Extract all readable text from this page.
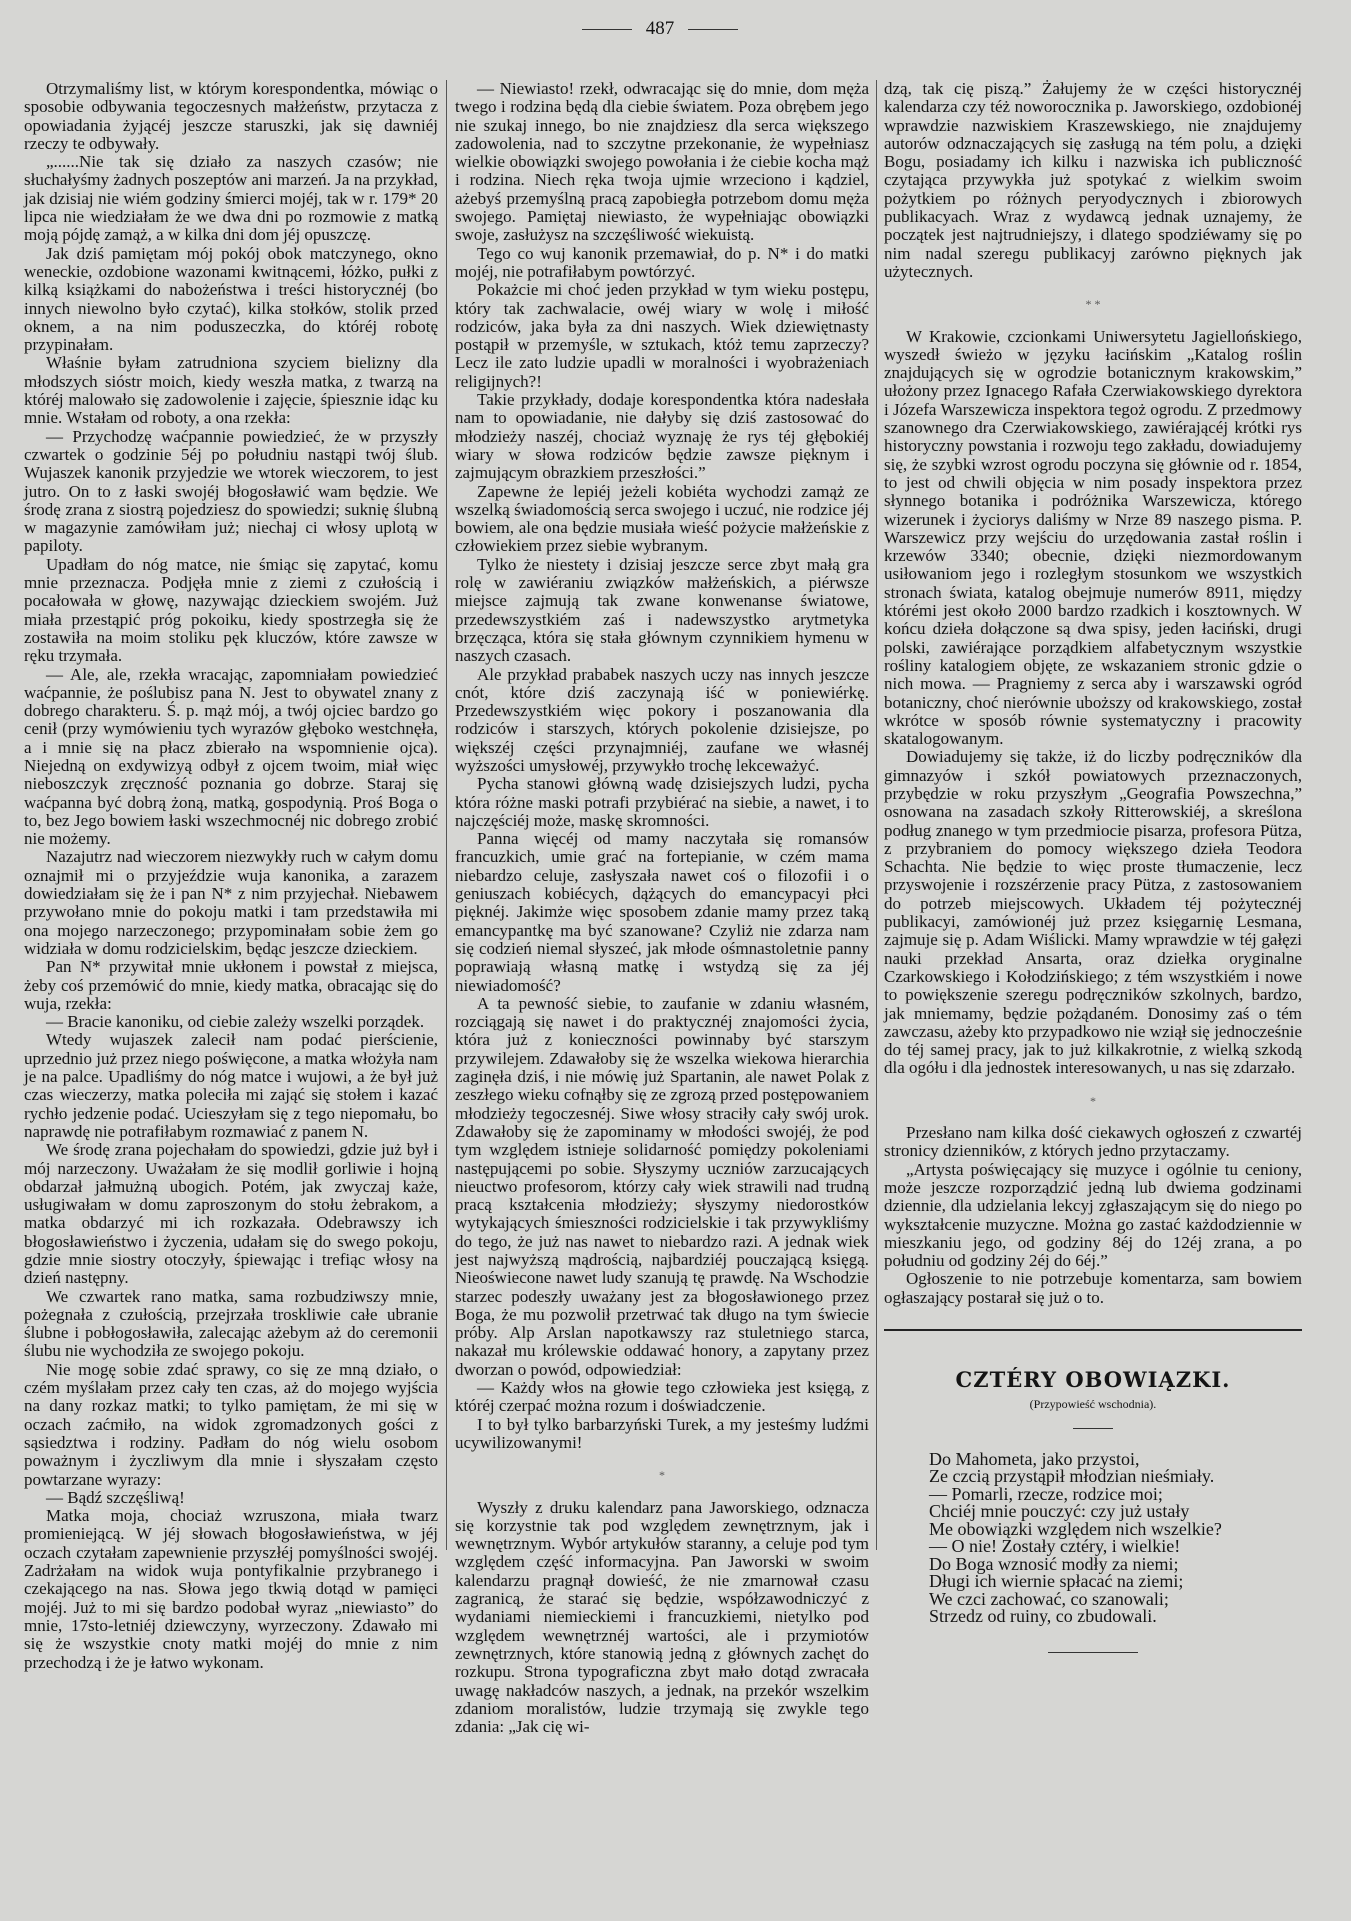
487

Otrzymaliśmy list, w którym korespondentka, mówiąc o sposobie odbywania tegoczesnych małżeństw, przytacza z opowiadania żyjącéj jeszcze staruszki, jak się dawniéj rzeczy te odbywały.

„......Nie tak się działo za naszych czasów; nie słuchałyśmy żadnych poszeptów ani marzeń. Ja na przykład, jak dzisiaj nie wiém godziny śmierci mojéj, tak w r. 179* 20 lipca nie wiedziałam że we dwa dni po rozmowie z matką moją pójdę zamąż, a w kilka dni dom jéj opuszczę.

Jak dziś pamiętam mój pokój obok matczynego, okno weneckie, ozdobione wazonami kwitnącemi, łóżko, pułki z kilką książkami do nabożeństwa i treści historycznéj (bo innych niewolno było czytać), kilka stołków, stolik przed oknem, a na nim poduszeczka, do któréj robotę przypinałam.

Właśnie byłam zatrudniona szyciem bielizny dla młodszych sióstr moich, kiedy weszła matka, z twarzą na któréj malowało się zadowolenie i zajęcie, śpiesznie idąc ku mnie. Wstałam od roboty, a ona rzekła:

— Przychodzę waćpannie powiedzieć, że w przyszły czwartek o godzinie 5éj po południu nastąpi twój ślub. Wujaszek kanonik przyjedzie we wtorek wieczorem, to jest jutro. On to z łaski swojéj błogosławić wam będzie. We środę zrana z siostrą pojedziesz do spowiedzi; suknię ślubną w magazynie zamówiłam już; niechaj ci włosy uplotą w papiloty.

Upadłam do nóg matce, nie śmiąc się zapytać, komu mnie przeznacza. Podjęła mnie z ziemi z czułością i pocałowała w głowę, nazywając dzieckiem swojém. Już miała przestąpić próg pokoiku, kiedy spostrzegła się że zostawiła na moim stoliku pęk kluczów, które zawsze w ręku trzymała.

— Ale, ale, rzekła wracając, zapomniałam powiedzieć waćpannie, że poślubisz pana N. Jest to obywatel znany z dobrego charakteru. Ś. p. mąż mój, a twój ojciec bardzo go cenił (przy wymówieniu tych wyrazów głęboko westchnęła, a i mnie się na płacz zbierało na wspomnienie ojca). Niejedną on exdywizyą odbył z ojcem twoim, miał więc nieboszczyk zręczność poznania go dobrze. Staraj się waćpanna być dobrą żoną, matką, gospodynią. Proś Boga o to, bez Jego bowiem łaski wszechmocnéj nic dobrego zrobić nie możemy.

Nazajutrz nad wieczorem niezwykły ruch w całym domu oznajmił mi o przyjeździe wuja kanonika, a zarazem dowiedziałam się że i pan N* z nim przyjechał. Niebawem przywołano mnie do pokoju matki i tam przedstawiła mi ona mojego narzeczonego; przypominałam sobie żem go widziała w domu rodzicielskim, będąc jeszcze dzieckiem.

Pan N* przywitał mnie ukłonem i powstał z miejsca, żeby coś przemówić do mnie, kiedy matka, obracając się do wuja, rzekła:

— Bracie kanoniku, od ciebie zależy wszelki porządek.

Wtedy wujaszek zalecił nam podać pierścienie, uprzednio już przez niego poświęcone, a matka włożyła nam je na palce. Upadliśmy do nóg matce i wujowi, a że był już czas wieczerzy, matka poleciła mi zająć się stołem i kazać rychło jedzenie podać. Ucieszyłam się z tego niepomału, bo naprawdę nie potrafiłabym rozmawiać z panem N.

We środę zrana pojechałam do spowiedzi, gdzie już był i mój narzeczony. Uważałam że się modlił gorliwie i hojną obdarzał jałmużną ubogich. Potém, jak zwyczaj każe, usługiwałam w domu zaproszonym do stołu żebrakom, a matka obdarzyć mi ich rozkazała. Odebrawszy ich błogosławieństwo i życzenia, udałam się do swego pokoju, gdzie mnie siostry otoczyły, śpiewając i trefiąc włosy na dzień następny.

We czwartek rano matka, sama rozbudziwszy mnie, pożegnała z czułością, przejrzała troskliwie całe ubranie ślubne i pobłogosławiła, zalecając ażebym aż do ceremonii ślubu nie wychodziła ze swojego pokoju.

Nie mogę sobie zdać sprawy, co się ze mną działo, o czém myślałam przez cały ten czas, aż do mojego wyjścia na dany rozkaz matki; to tylko pamiętam, że mi się w oczach zaćmiło, na widok zgromadzonych gości z sąsiedztwa i rodziny. Padłam do nóg wielu osobom poważnym i życzliwym dla mnie i słyszałam często powtarzane wyrazy:

— Bądź szczęśliwą!

Matka moja, chociaż wzruszona, miała twarz promieniejącą. W jéj słowach błogosławieństwa, w jéj oczach czytałam zapewnienie przyszłéj pomyślności swojéj. Zadrżałam na widok wuja pontyfikalnie przybranego i czekającego na nas. Słowa jego tkwią dotąd w pamięci mojéj. Już to mi się bardzo podobał wyraz „niewiasto” do mnie, 17sto-letniéj dziewczyny, wyrzeczony. Zdawało mi się że wszystkie cnoty matki mojéj do mnie z nim przechodzą i że je łatwo wykonam.

— Niewiasto! rzekł, odwracając się do mnie, dom męża twego i rodzina będą dla ciebie światem. Poza obrębem jego nie szukaj innego, bo nie znajdziesz dla serca większego zadowolenia, nad to szczytne przekonanie, że wypełniasz wielkie obowiązki swojego powołania i że ciebie kocha mąż i rodzina. Niech ręka twoja ujmie wrzeciono i kądziel, ażebyś przemyślną pracą zapobiegła potrzebom domu męża swojego. Pamiętaj niewiasto, że wypełniając obowiązki swoje, zasłużysz na szczęśliwość wiekuistą.

Tego co wuj kanonik przemawiał, do p. N* i do matki mojéj, nie potrafiłabym powtórzyć.

Pokażcie mi choć jeden przykład w tym wieku postępu, który tak zachwalacie, owéj wiary w wolę i miłość rodziców, jaka była za dni naszych. Wiek dziewiętnasty postąpił w przemyśle, w sztukach, któż temu zaprzeczy? Lecz ile zato ludzie upadli w moralności i wyobrażeniach religijnych?!

Takie przykłady, dodaje korespondentka która nadesłała nam to opowiadanie, nie dałyby się dziś zastosować do młodzieży naszéj, chociaż wyznaję że rys téj głębokiéj wiary w słowa rodziców będzie zawsze pięknym i zajmującym obrazkiem przeszłości.”

Zapewne że lepiéj jeżeli kobiéta wychodzi zamąż ze wszelką świadomością serca swojego i uczuć, nie rodzice jéj bowiem, ale ona będzie musiała wieść pożycie małżeńskie z człowiekiem przez siebie wybranym.

Tylko że niestety i dzisiaj jeszcze serce zbyt małą gra rolę w zawiéraniu związków małżeńskich, a piérwsze miejsce zajmują tak zwane konwenanse światowe, przedewszystkiém zaś i nadewszystko arytmetyka brzęcząca, która się stała głównym czynnikiem hymenu w naszych czasach.

Ale przykład prababek naszych uczy nas innych jeszcze cnót, które dziś zaczynają iść w poniewiérkę. Przedewszystkiém więc pokory i poszanowania dla rodziców i starszych, których pokolenie dzisiejsze, po większéj części przynajmniéj, zaufane we własnéj wyższości umysłowéj, przywykło trochę lekceważyć.

Pycha stanowi główną wadę dzisiejszych ludzi, pycha która różne maski potrafi przybiérać na siebie, a nawet, i to najczęściéj może, maskę skromności.

Panna więcéj od mamy naczytała się romansów francuzkich, umie grać na fortepianie, w czém mama niebardzo celuje, zasłyszała nawet coś o filozofii i o geniuszach kobiécych, dążących do emancypacyi płci pięknéj. Jakimże więc sposobem zdanie mamy przez taką emancypantkę ma być szanowane? Czyliż nie zdarza nam się codzień niemal słyszeć, jak młode ośmnastoletnie panny poprawiają własną matkę i wstydzą się za jéj niewiadomość?

A ta pewność siebie, to zaufanie w zdaniu własném, rozciągają się nawet i do praktycznéj znajomości życia, która już z konieczności powinnaby być starszym przywilejem. Zdawałoby się że wszelka wiekowa hierarchia zaginęła dziś, i nie mówię już Spartanin, ale nawet Polak z zeszłego wieku cofnąłby się ze zgrozą przed postępowaniem młodzieży tegoczesnéj. Siwe włosy straciły cały swój urok. Zdawałoby się że zapominamy w młodości swojéj, że pod tym względem istnieje solidarność pomiędzy pokoleniami następującemi po sobie. Słyszymy uczniów zarzucających nieuctwo profesorom, którzy cały wiek strawili nad trudną pracą kształcenia młodzieży; słyszymy niedorostków wytykających śmieszności rodzicielskie i tak przywykliśmy do tego, że już nas nawet to niebardzo razi. A jednak wiek jest najwyższą mądrością, najbardziéj pouczającą księgą. Nieoświecone nawet ludy szanują tę prawdę. Na Wschodzie starzec podeszły uważany jest za błogosławionego przez Boga, że mu pozwolił przetrwać tak długo na tym świecie próby. Alp Arslan napotkawszy raz stuletniego starca, nakazał mu królewskie oddawać honory, a zapytany przez dworzan o powód, odpowiedział:

— Każdy włos na głowie tego człowieka jest księgą, z któréj czerpać można rozum i doświadczenie.

I to był tylko barbarzyński Turek, a my jesteśmy ludźmi ucywilizowanymi!

*

Wyszły z druku kalendarz pana Jaworskiego, odznacza się korzystnie tak pod względem zewnętrznym, jak i wewnętrznym. Wybór artykułów staranny, a celuje pod tym względem część informacyjna. Pan Jaworski w swoim kalendarzu pragnął dowieść, że nie zmarnował czasu zagranicą, że starać się będzie, współzawodniczyć z wydaniami niemieckiemi i francuzkiemi, nietylko pod względem wewnętrznéj wartości, ale i przymiotów zewnętrznych, które stanowią jedną z głównych zachęt do rozkupu. Strona typograficzna zbyt mało dotąd zwracała uwagę nakładców naszych, a jednak, na przekór wszelkim zdaniom moralistów, ludzie trzymają się zwykle tego zdania: „Jak cię wi-

dzą, tak cię piszą.” Żałujemy że w części historycznéj kalendarza czy téż noworocznika p. Jaworskiego, ozdobionéj wprawdzie nazwiskiem Kraszewskiego, nie znajdujemy autorów odznaczających się zasługą na tém polu, a dzięki Bogu, posiadamy ich kilku i nazwiska ich publiczność czytająca przywykła już spotykać z wielkim swoim pożytkiem po różnych peryodycznych i zbiorowych publikacyach. Wraz z wydawcą jednak uznajemy, że początek jest najtrudniejszy, i dlatego spodziéwamy się po nim nadal szeregu publikacyj zarówno pięknych jak użytecznych.

* *

W Krakowie, czcionkami Uniwersytetu Jagiellońskiego, wyszedł świeżo w języku łacińskim „Katalog roślin znajdujących się w ogrodzie botanicznym krakowskim,” ułożony przez Ignacego Rafała Czerwiakowskiego dyrektora i Józefa Warszewicza inspektora tegoż ogrodu. Z przedmowy szanownego dra Czerwiakowskiego, zawiérającéj krótki rys historyczny powstania i rozwoju tego zakładu, dowiadujemy się, że szybki wzrost ogrodu poczyna się głównie od r. 1854, to jest od chwili objęcia w nim posady inspektora przez słynnego botanika i podróżnika Warszewicza, którego wizerunek i życiorys daliśmy w Nrze 89 naszego pisma. P. Warszewicz przy wejściu do urzędowania zastał roślin i krzewów 3340; obecnie, dzięki niezmordowanym usiłowaniom jego i rozległym stosunkom we wszystkich stronach świata, katalog obejmuje numerów 8911, między którémi jest około 2000 bardzo rzadkich i kosztownych. W końcu dzieła dołączone są dwa spisy, jeden łaciński, drugi polski, zawiérające porządkiem alfabetycznym wszystkie rośliny katalogiem objęte, ze wskazaniem stronic gdzie o nich mowa. — Pragniemy z serca aby i warszawski ogród botaniczny, choć nierównie uboższy od krakowskiego, został wkrótce w sposób równie systematyczny i pracowity skatalogowanym.

Dowiadujemy się także, iż do liczby podręczników dla gimnazyów i szkół powiatowych przeznaczonych, przybędzie w roku przyszłym „Geografia Powszechna,” osnowana na zasadach szkoły Ritterowskiéj, a skreślona podług znanego w tym przedmiocie pisarza, profesora Pütza, z przybraniem do pomocy większego dzieła Teodora Schachta. Nie będzie to więc proste tłumaczenie, lecz przyswojenie i rozszérzenie pracy Pütza, z zastosowaniem do potrzeb miejscowych. Układem téj pożytecznéj publikacyi, zamówionéj już przez księgarnię Lesmana, zajmuje się p. Adam Wiślicki. Mamy wprawdzie w téj gałęzi nauki przekład Ansarta, oraz dziełka oryginalne Czarkowskiego i Kołodzińskiego; z tém wszystkiém i nowe to powiększenie szeregu podręczników szkolnych, bardzo, jak mniemamy, będzie pożądaném. Donosimy zaś o tém zawczasu, ażeby kto przypadkowo nie wziął się jednocześnie do téj samej pracy, jak to już kilkakrotnie, z wielką szkodą dla ogółu i dla jednostek interesowanych, u nas się zdarzało.

*

Przesłano nam kilka dość ciekawych ogłoszeń z czwartéj stronicy dzienników, z których jedno przytaczamy.

„Artysta poświęcający się muzyce i ogólnie tu ceniony, może jeszcze rozporządzić jedną lub dwiema godzinami dziennie, dla udzielania lekcyj zgłaszającym się do niego po wykształcenie muzyczne. Można go zastać każdodziennie w mieszkaniu jego, od godziny 8éj do 12éj zrana, a po południu od godziny 2éj do 6éj.”

Ogłoszenie to nie potrzebuje komentarza, sam bowiem ogłaszający postarał się już o to.

CZTÉRY OBOWIĄZKI.
(Przypowieść wschodnia).
Do Mahometa, jako przystoi,
Ze czcią przystąpił młodzian nieśmiały.
— Pomarli, rzecze, rodzice moi;
Chciéj mnie pouczyć: czy już ustały
Me obowiązki względem nich wszelkie?
— O nie! Zostały cztéry, i wielkie!
Do Boga wznosić modły za niemi;
Długi ich wiernie spłacać na ziemi;
We czci zachować, co szanowali;
Strzedz od ruiny, co zbudowali.
